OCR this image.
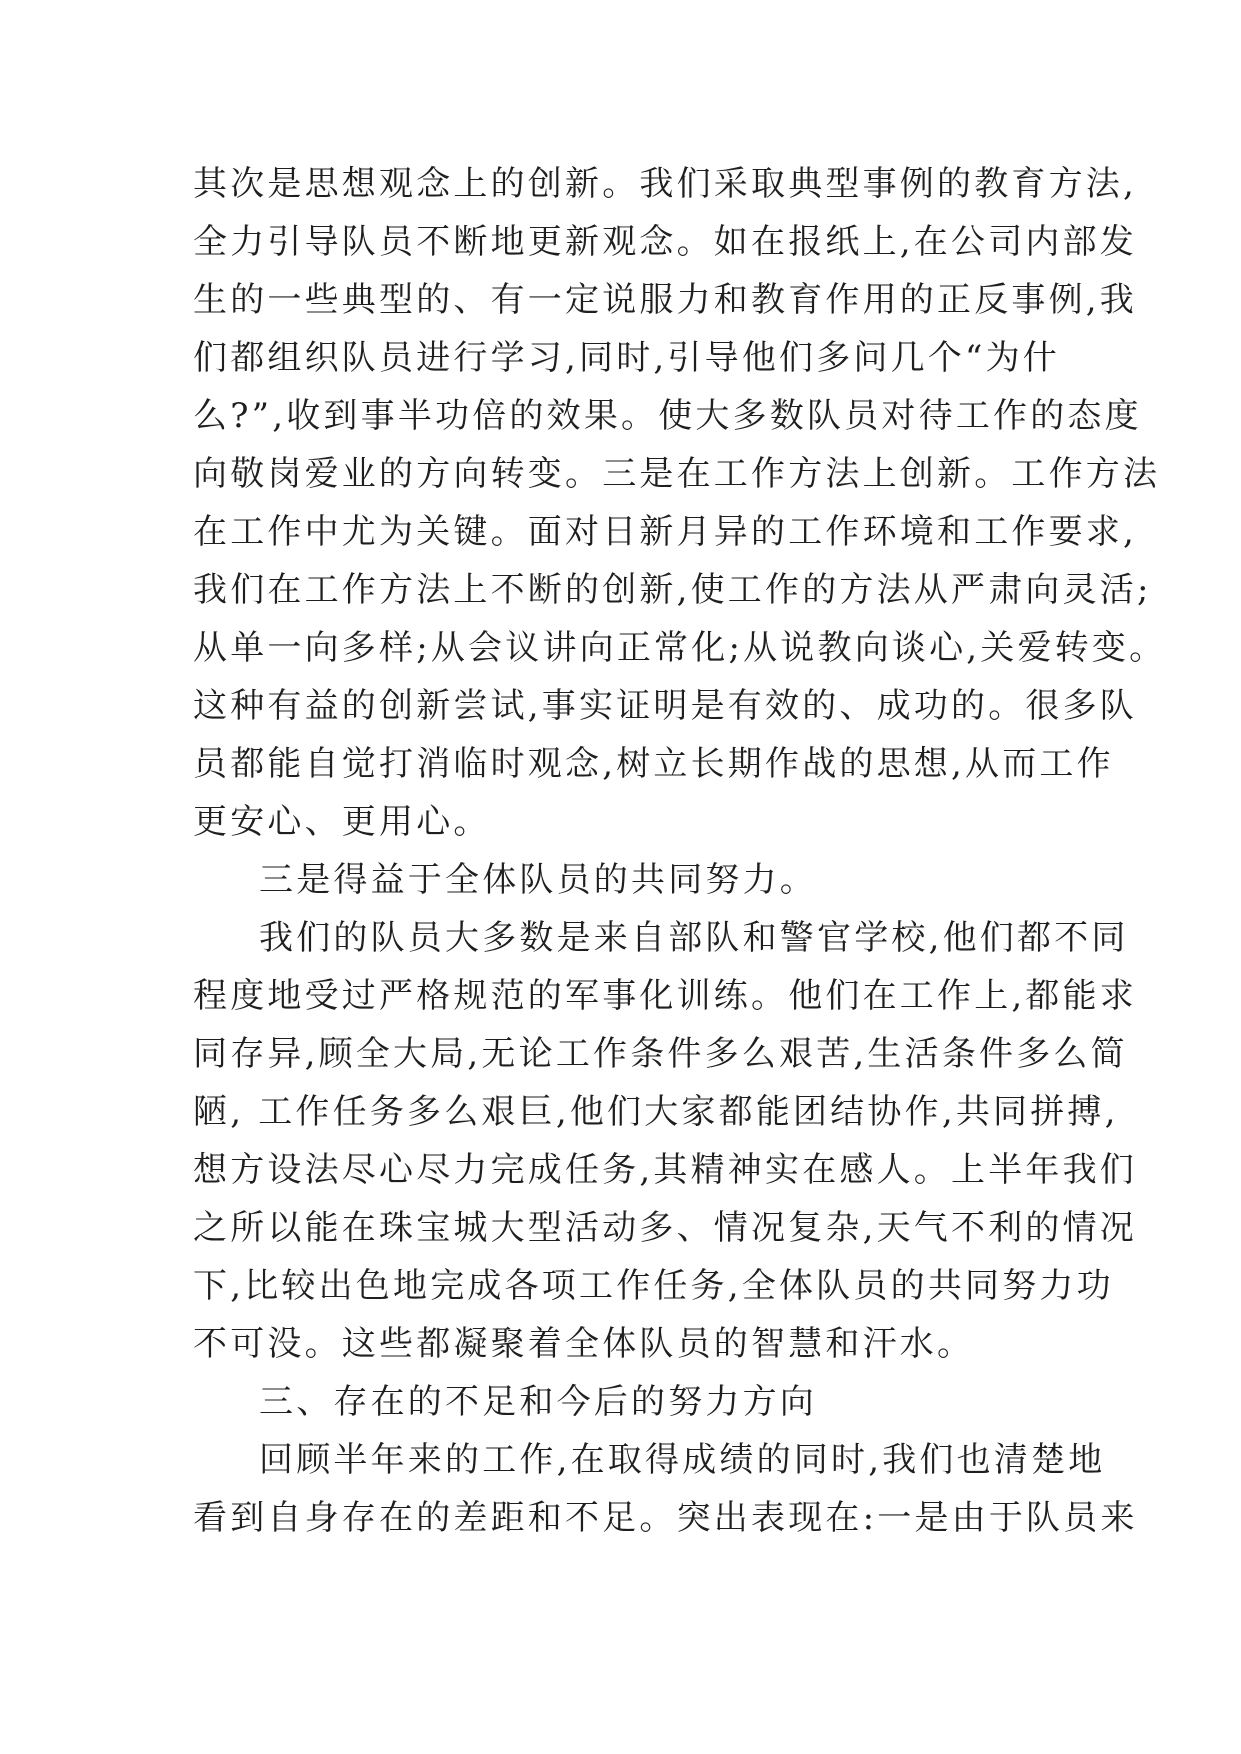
其次是思想观念上的创新。我们采取典型事例的教育方法,
全力引导队员不断地更新观念。如在报纸上,在公司内部发
生的一些典型的、有一定说服力和教育作用的正反事例,我
们都组织队员进行学习,同时,引导他们多问几个“为什
么?”,收到事半功倍的效果。使大多数队员对待工作的态度
向敬岗爱业的方向转变。三是在工作方法上创新。工作方法
在工作中尤为关键。面对日新月异的工作环境和工作要求,
我们在工作方法上不断的创新,使工作的方法从严肃向灵活;
从单一向多样;从会议讲向正常化;从说教向谈心,关爱转变。
这种有益的创新尝试,事实证明是有效的、成功的。很多队
员都能自觉打消临时观念,树立长期作战的思想,从而工作
更安心、更用心。
三是得益于全体队员的共同努力。
我们的队员大多数是来自部队和警官学校,他们都不同
程度地受过严格规范的军事化训练。他们在工作上,都能求
同存异,顾全大局,无论工作条件多么艰苦,生活条件多么简
陋, 工作任务多么艰巨,他们大家都能团结协作,共同拼搏,
想方设法尽心尽力完成任务,其精神实在感人。上半年我们
之所以能在珠宝城大型活动多、情况复杂,天气不利的情况
下,比较出色地完成各项工作任务,全体队员的共同努力功
不可没。这些都凝聚着全体队员的智慧和汗水。
三、存在的不足和今后的努力方向
回顾半年来的工作,在取得成绩的同时,我们也清楚地
看到自身存在的差距和不足。突出表现在:一是由于队员来
